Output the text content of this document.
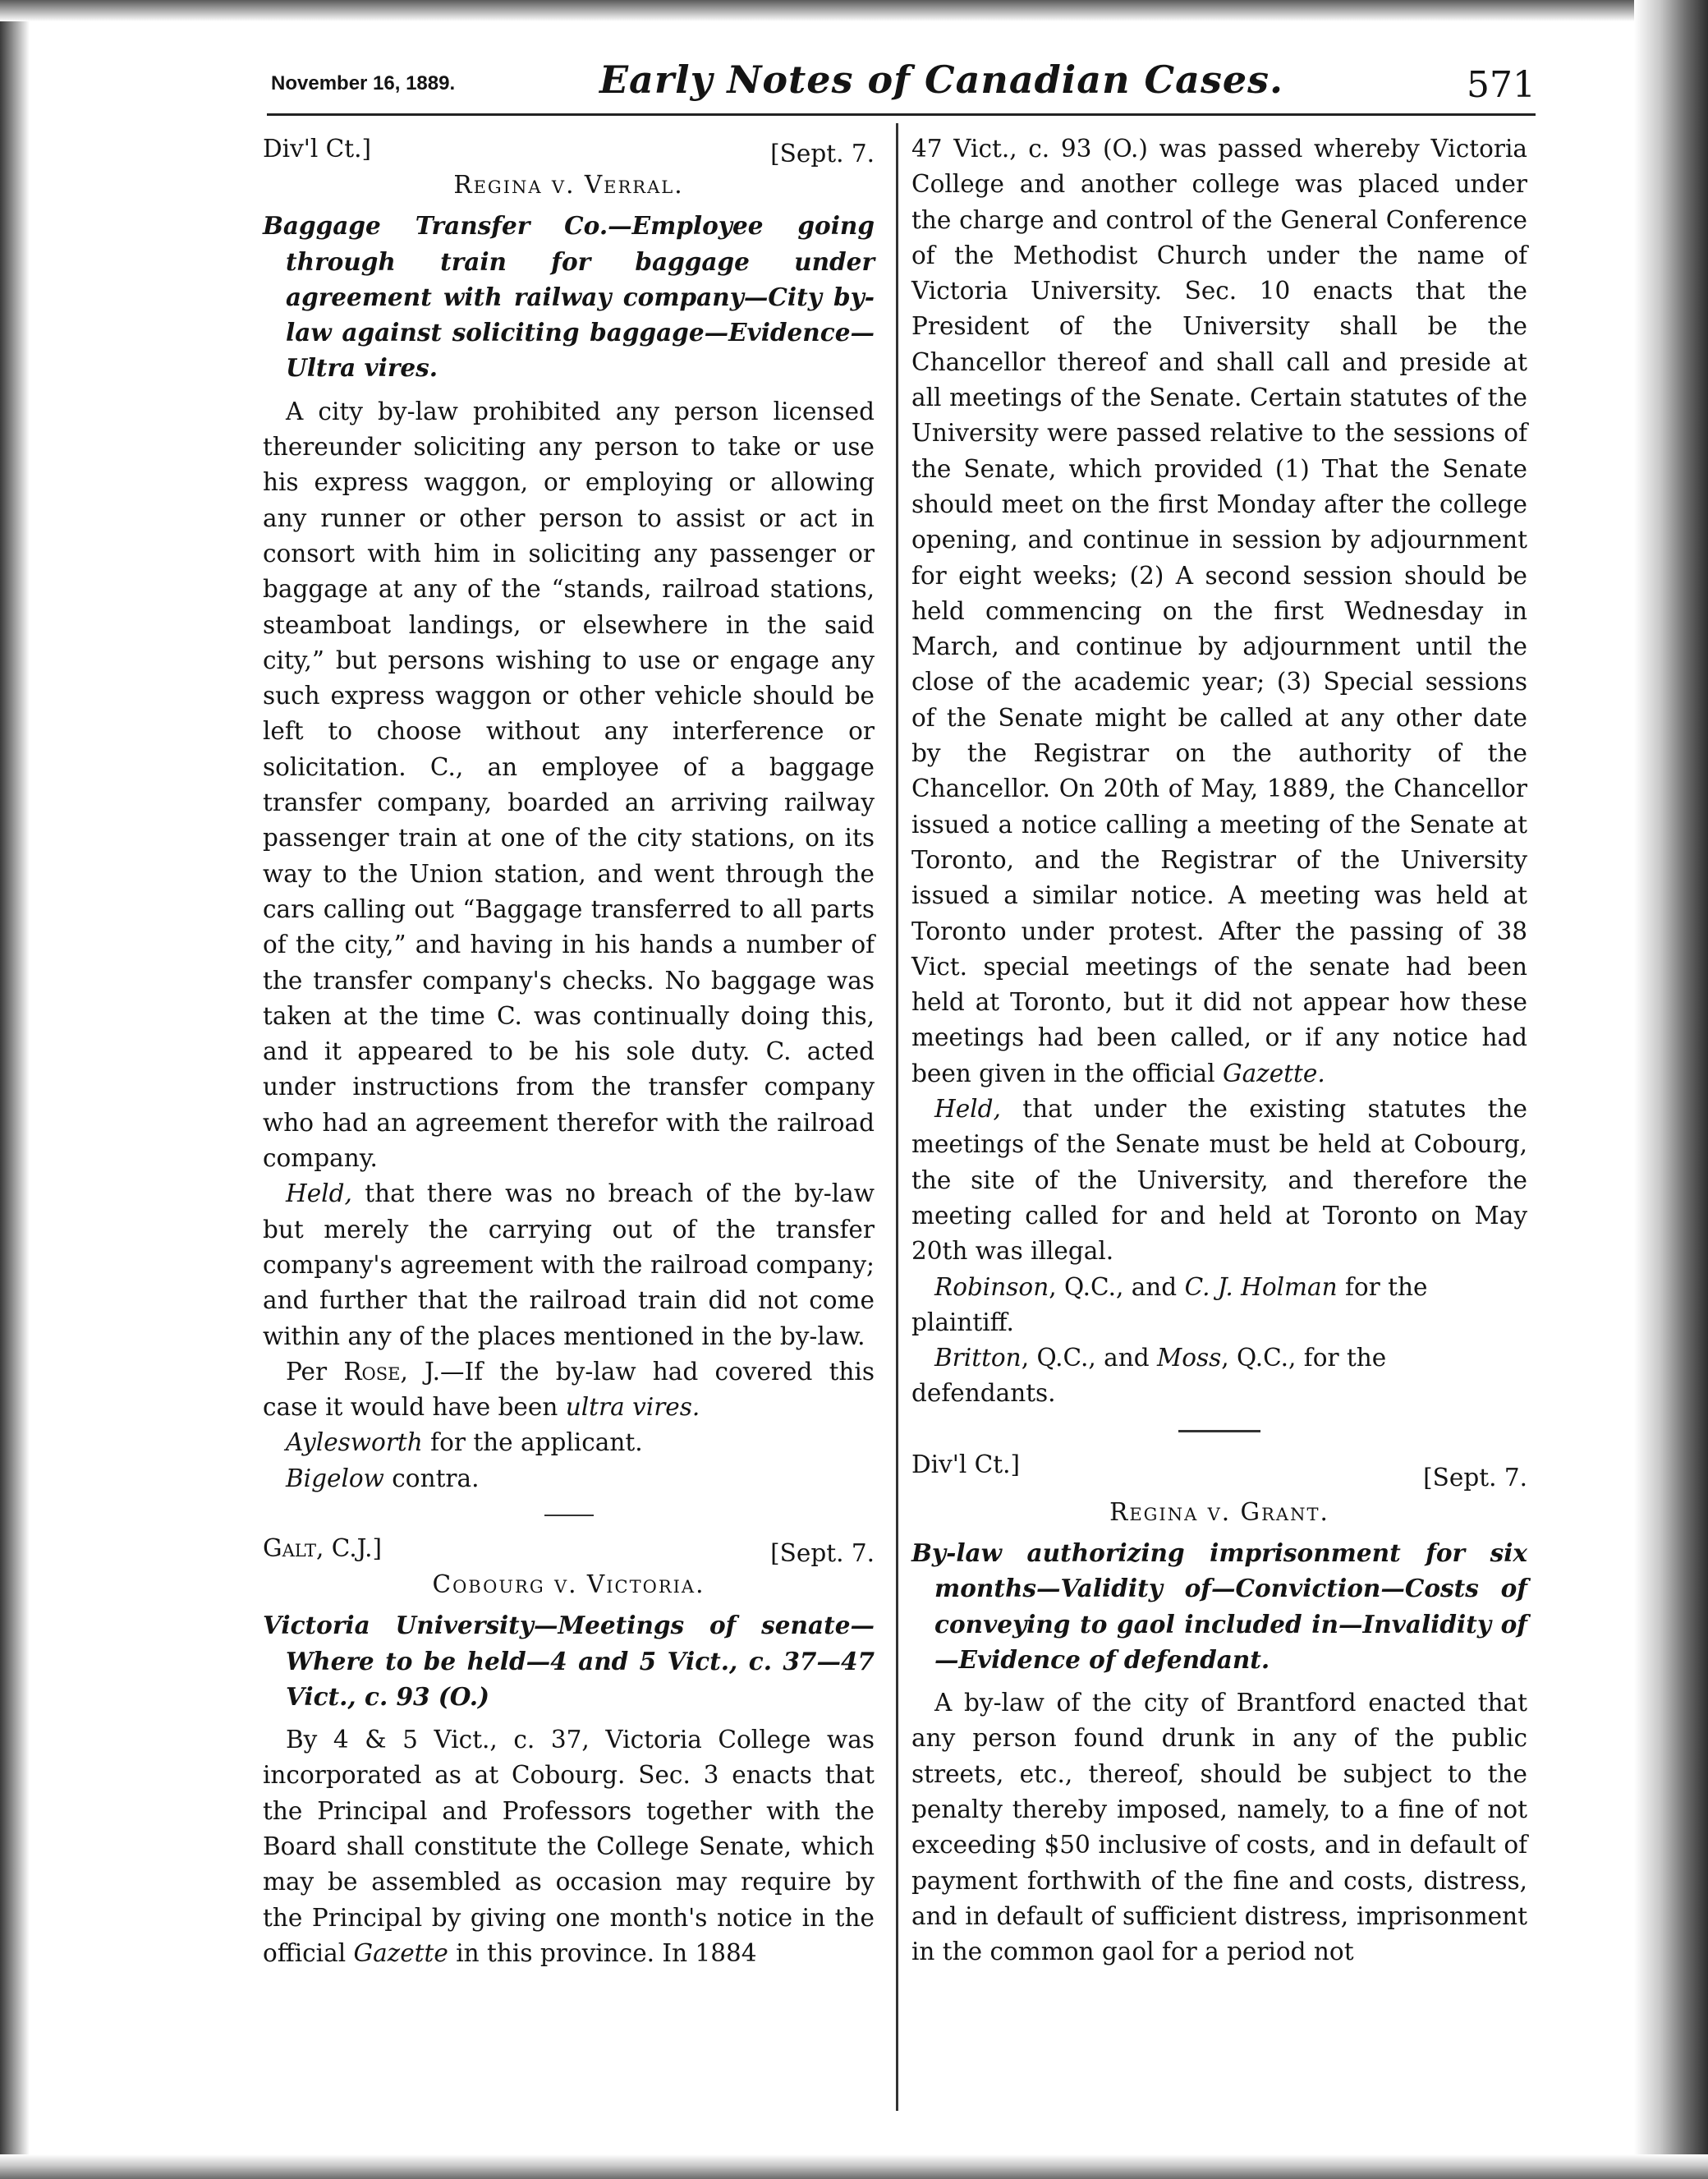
November 16, 1889.	Early Notes of Canadian Cases.	571
Div'l Ct.]	[Sept. 7.

Regina v. Verral.

Baggage Transfer Co.—Employee going through train for baggage under agreement with railway company—City by-law against soliciting baggage—Evidence—Ultra vires.

A city by-law prohibited any person licensed thereunder soliciting any person to take or use his express waggon, or employing or allowing any runner or other person to assist or act in consort with him in soliciting any passenger or baggage at any of the “stands, railroad stations, steamboat landings, or elsewhere in the said city,” but persons wishing to use or engage any such express waggon or other vehicle should be left to choose without any interference or solicitation. C., an employee of a baggage transfer company, boarded an arriving railway passenger train at one of the city stations, on its way to the Union station, and went through the cars calling out “Baggage transferred to all parts of the city,” and having in his hands a number of the transfer company's checks. No baggage was taken at the time C. was continually doing this, and it appeared to be his sole duty. C. acted under instructions from the transfer company who had an agreement therefor with the railroad company.

Held, that there was no breach of the by-law but merely the carrying out of the transfer company's agreement with the railroad company; and further that the railroad train did not come within any of the places mentioned in the by-law.

Per Rose, J.—If the by-law had covered this case it would have been ultra vires.

Aylesworth for the applicant.

Bigelow contra.

Galt, C.J.]	[Sept. 7.

Cobourg v. Victoria.

Victoria University—Meetings of senate—Where to be held—4 and 5 Vict., c. 37—47 Vict., c. 93 (O.)

By 4 & 5 Vict., c. 37, Victoria College was incorporated as at Cobourg. Sec. 3 enacts that the Principal and Professors together with the Board shall constitute the College Senate, which may be assembled as occasion may require by the Principal by giving one month's notice in the official Gazette in this province. In 1884

47 Vict., c. 93 (O.) was passed whereby Victoria College and another college was placed under the charge and control of the General Conference of the Methodist Church under the name of Victoria University. Sec. 10 enacts that the President of the University shall be the Chancellor thereof and shall call and preside at all meetings of the Senate. Certain statutes of the University were passed relative to the sessions of the Senate, which provided (1) That the Senate should meet on the first Monday after the college opening, and continue in session by adjournment for eight weeks; (2) A second session should be held commencing on the first Wednesday in March, and continue by adjournment until the close of the academic year; (3) Special sessions of the Senate might be called at any other date by the Registrar on the authority of the Chancellor. On 20th of May, 1889, the Chancellor issued a notice calling a meeting of the Senate at Toronto, and the Registrar of the University issued a similar notice. A meeting was held at Toronto under protest. After the passing of 38 Vict. special meetings of the senate had been held at Toronto, but it did not appear how these meetings had been called, or if any notice had been given in the official Gazette.

Held, that under the existing statutes the meetings of the Senate must be held at Cobourg, the site of the University, and therefore the meeting called for and held at Toronto on May 20th was illegal.

Robinson, Q.C., and C. J. Holman for the plaintiff.

Britton, Q.C., and Moss, Q.C., for the defendants.

Div'l Ct.]	[Sept. 7.

Regina v. Grant.

By-law authorizing imprisonment for six months—Validity of—Conviction—Costs of conveying to gaol included in—Invalidity of—Evidence of defendant.

A by-law of the city of Brantford enacted that any person found drunk in any of the public streets, etc., thereof, should be subject to the penalty thereby imposed, namely, to a fine of not exceeding $50 inclusive of costs, and in default of payment forthwith of the fine and costs, distress, and in default of sufficient distress, imprisonment in the common gaol for a period not
